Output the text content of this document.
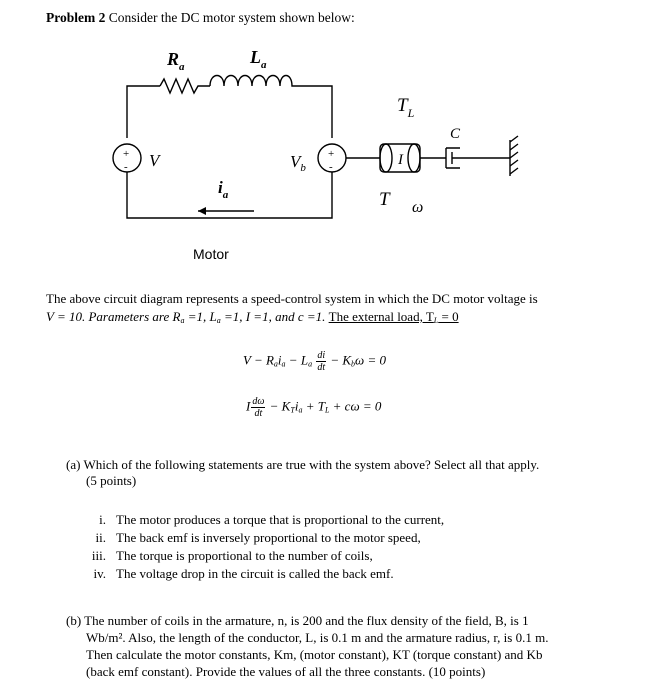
Problem 2 Consider the DC motor system shown below:
$R_a$	$L_a$
+
- V	$V_b$
+
-
$i_a$
$T_L$
I
C
T ω
Motor
The above circuit diagram represents a speed-control system in which the DC motor voltage is
V = 10. Parameters are $R_a =1$, $L_a =1$, I =1, and c =1. The external load, $T_L = 0$
$V - R_ai_a - L_a \frac{di}{dt} - K_b\omega = 0$
I $\frac{d\omega}{dt} - K_Ti_a + T_L + c\omega = 0$
(a) Which of the following statements are true with the system above? Select all that apply.
(5 points)
i. The motor produces a torque that is proportional to the current,
ii. The back emf is inversely proportional to the motor speed,
iii. The torque is proportional to the number of coils,
iv. The voltage drop in the circuit is called the back emf.
(b) The number of coils in the armature, n, is 200 and the flux density of the field, B, is 1
Wb/m². Also, the length of the conductor, L, is 0.1 m and the armature radius, r, is 0.1 m.
Then calculate the motor constants, Km, (motor constant), KT (torque constant) and Kb
(back emf constant). Provide the values of all the three constants. (10 points)
